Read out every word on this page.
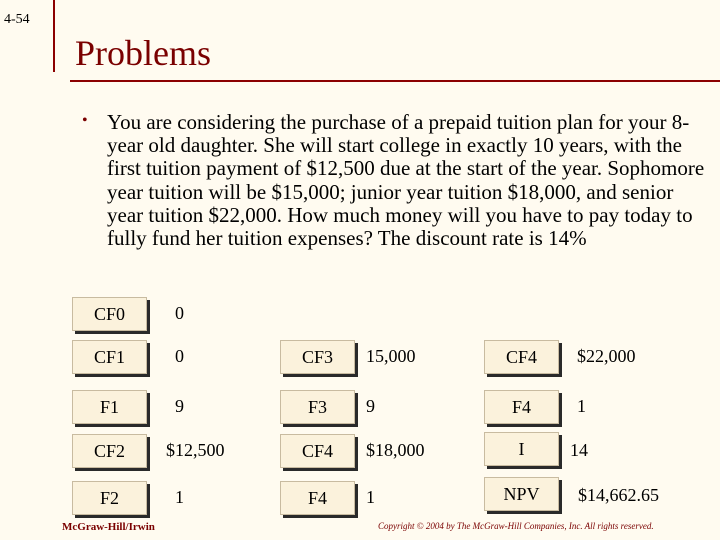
4-54
Problems
• You are considering the purchase of a prepaid tuition plan for your 8-year old daughter. She will start college in exactly 10 years, with the first tuition payment of $12,500 due at the start of the year. Sophomore year tuition will be $15,000; junior year tuition $18,000, and senior year tuition $22,000. How much money will you have to pay today to fully fund her tuition expenses? The discount rate is 14%
CF0	0
CF1	0
F1	9
CF2	$12,500
F2	1
CF3	15,000
F3	9
CF4	$18,000
F4	1
CF4	$22,000
F4	1
I	14
NPV	$14,662.65
McGraw-Hill/Irwin	Copyright © 2004 by The McGraw-Hill Companies, Inc. All rights reserved.
